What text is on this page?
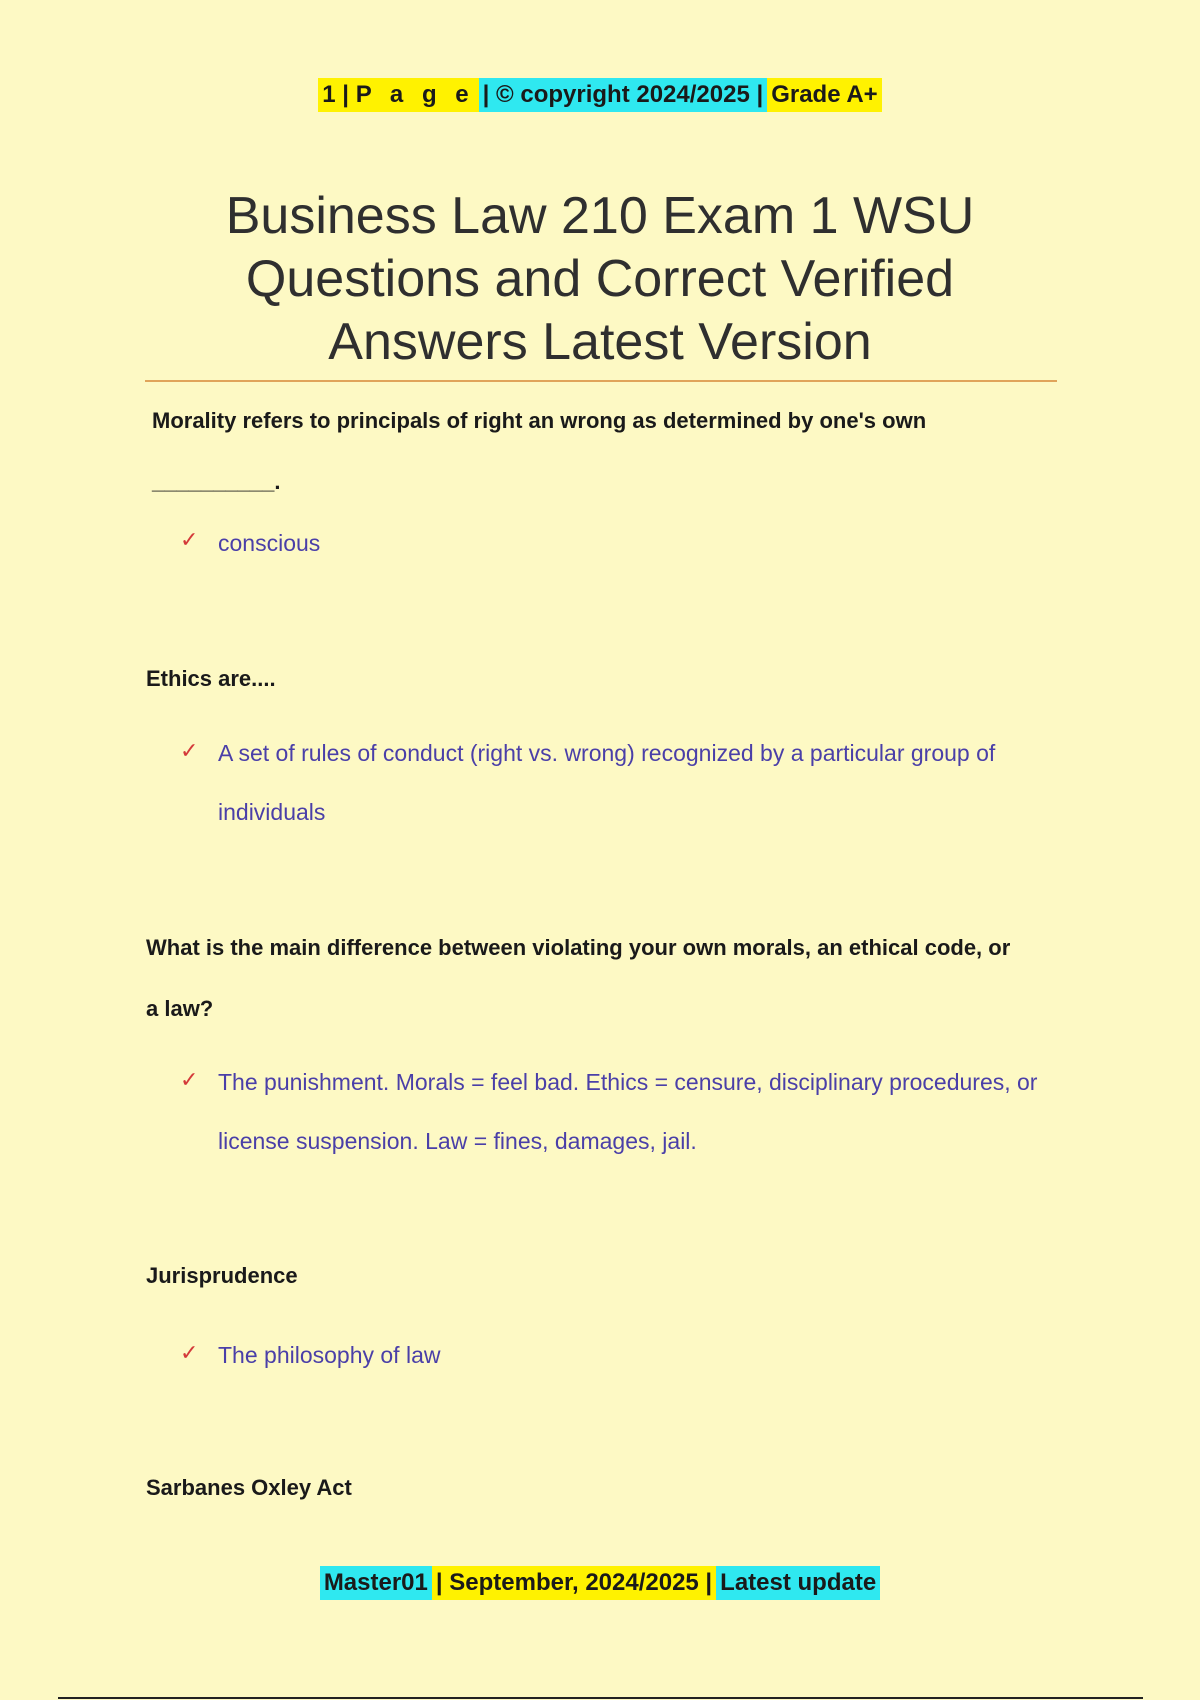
1 | P a g e | © copyright 2024/2025 | Grade A+
Business Law 210 Exam 1 WSU Questions and Correct Verified Answers Latest Version
Morality refers to principals of right an wrong as determined by one's own __________.
✓ conscious
Ethics are....
✓ A set of rules of conduct (right vs. wrong) recognized by a particular group of individuals
What is the main difference between violating your own morals, an ethical code, or a law?
✓ The punishment. Morals = feel bad. Ethics = censure, disciplinary procedures, or license suspension. Law = fines, damages, jail.
Jurisprudence
✓ The philosophy of law
Sarbanes Oxley Act
Master01 | September, 2024/2025 | Latest update
